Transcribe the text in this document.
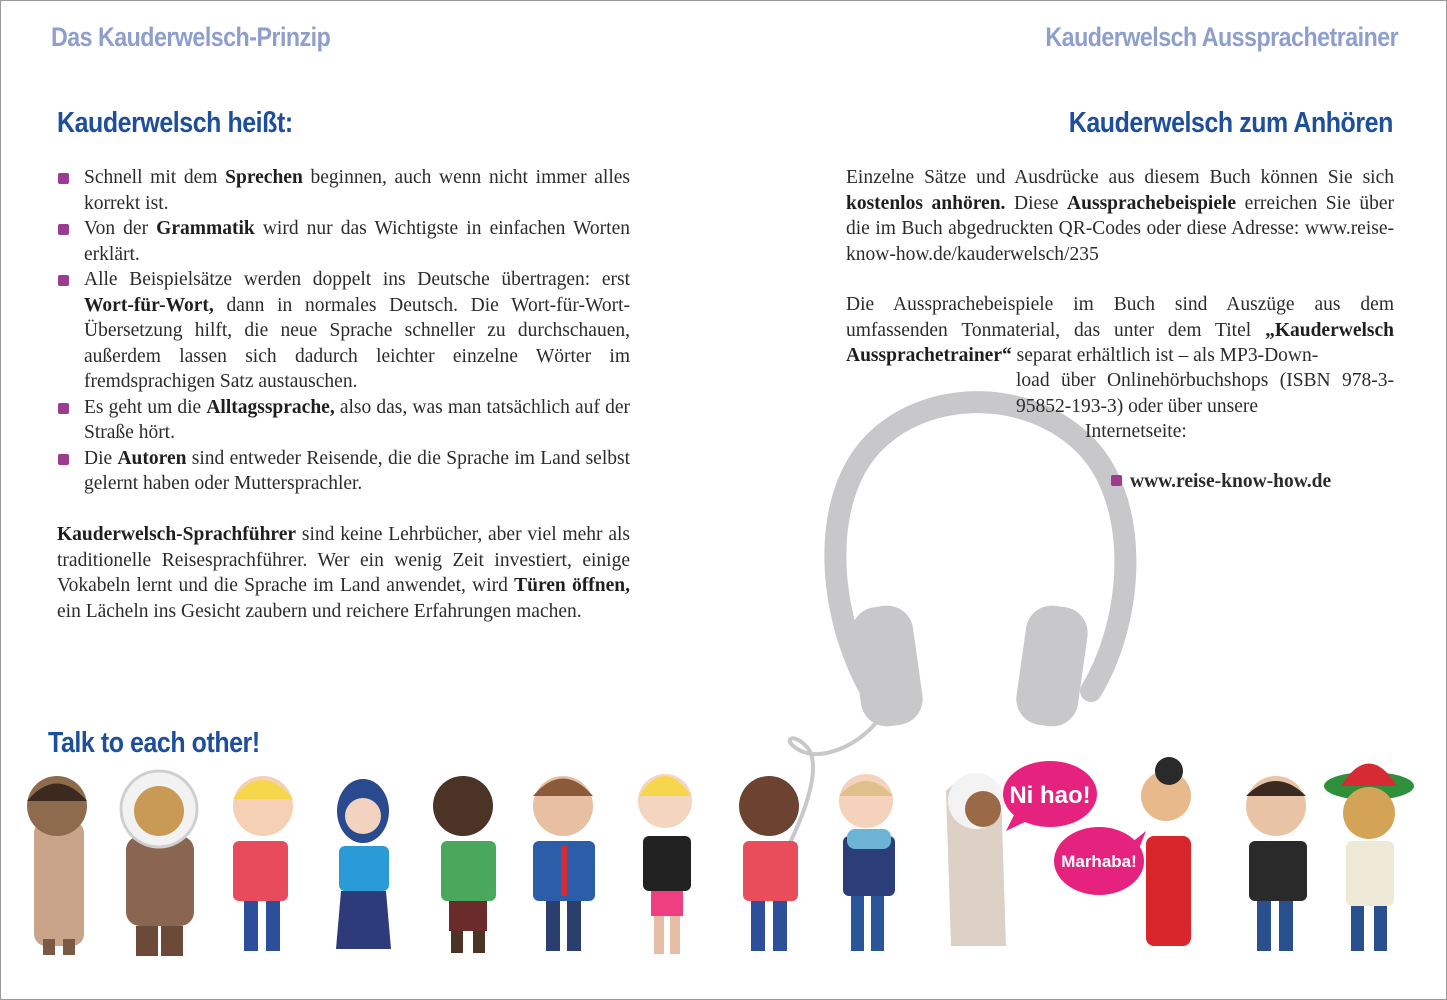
Das Kauderwelsch-Prinzip	Kauderwelsch Aussprachetrainer
Ni hao!
Marhaba!
Kauderwelsch heißt:
Schnell mit dem Sprechen beginnen, auch wenn nicht immer alles korrekt ist.
Von der Grammatik wird nur das Wichtigste in einfachen Worten erklärt.
Alle Beispielsätze werden doppelt ins Deutsche übertragen: erst Wort-für-Wort, dann in normales Deutsch. Die Wort-für-Wort-Übersetzung hilft, die neue Sprache schneller zu durchschauen, außerdem lassen sich dadurch leichter einzelne Wörter im fremdsprachigen Satz austauschen.
Es geht um die Alltagssprache, also das, was man tatsächlich auf der Straße hört.
Die Autoren sind entweder Reisende, die die Sprache im Land selbst gelernt haben oder Muttersprachler.

Kauderwelsch-Sprachführer sind keine Lehrbücher, aber viel mehr als traditionelle Reisesprachführer. Wer ein wenig Zeit investiert, einige Vokabeln lernt und die Sprache im Land anwendet, wird Türen öffnen, ein Lächeln ins Gesicht zaubern und reichere Erfahrungen machen.

Talk to each other!
Kauderwelsch zum Anhören

Einzelne Sätze und Ausdrücke aus diesem Buch können Sie sich kostenlos anhören. Diese Aussprachebeispiele erreichen Sie über die im Buch abgedruckten QR-Codes oder diese Adresse: www.reise-know-how.de/kauderwelsch/235

Die Aussprachebeispiele im Buch sind Auszüge aus dem umfassenden Tonmaterial, das unter dem Titel „Kauderwelsch Aussprachetrainer“ separat erhältlich ist – als MP3-Down-

load über Onlinehörbuchshops (ISBN 978-3-95852-193-3) oder über unsere

Internetseite:

www.reise-know-how.de
